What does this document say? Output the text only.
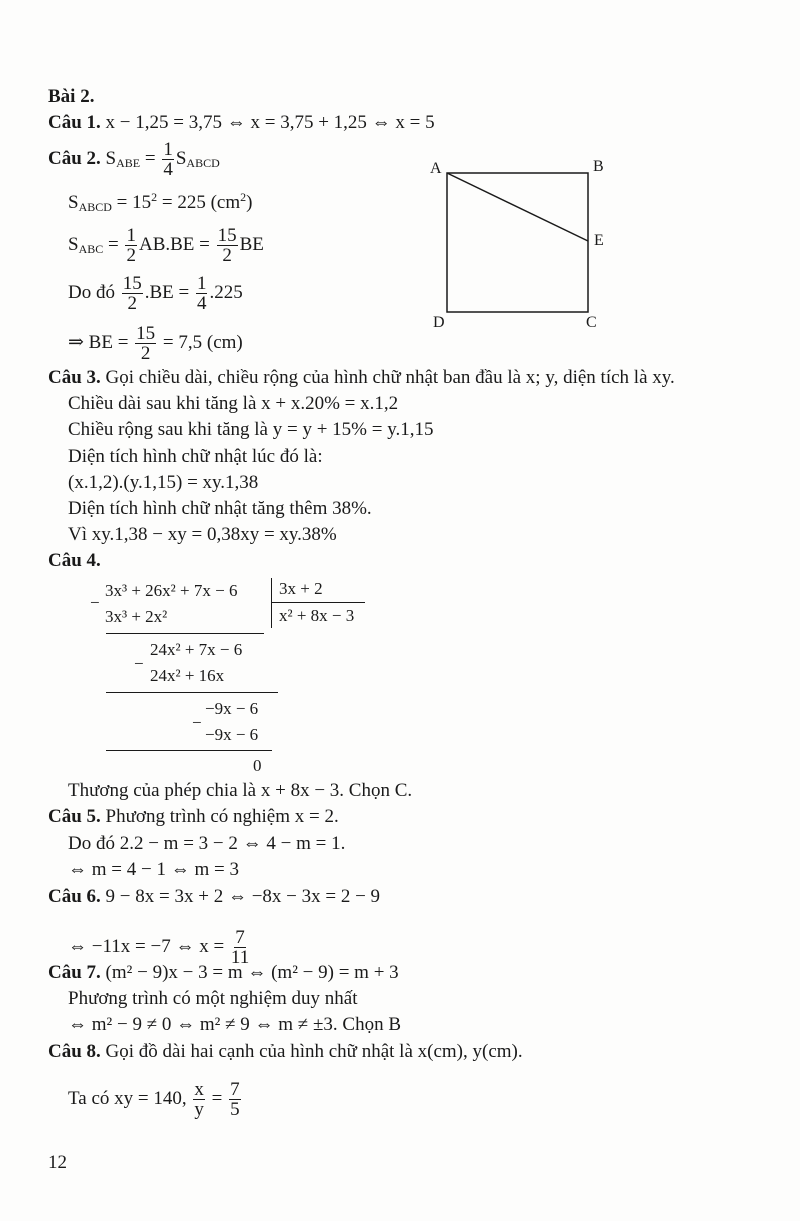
Bài 2.
Câu 1. x − 1,25 = 3,75 ⇔ x = 3,75 + 1,25 ⇔ x = 5
Câu 2. $S_{ABE} = \frac{1}{4} S_{ABCD}$
$S_{ABCD} = 15^2 = 225$ $(cm^2)$
$S_{ABC} = \frac{1}{2} AB.BE = \frac{15}{2}$ BE
Do đó $\frac{15}{2} .BE = \frac{1}{4} .225$
⇒ BE = $\frac{15}{2} = 7,5$ (cm)
A	B
E
D	C
Câu 3. Gọi chiều dài, chiều rộng của hình chữ nhật ban đầu là x; y, diện tích là xy.
Chiều dài sau khi tăng là x + x.20% = x.1,2
Chiều rộng sau khi tăng là y = y + 15% = y.1,15
Diện tích hình chữ nhật lúc đó là:
(x.1,2).(y.1,15) = xy.1,38
Diện tích hình chữ nhật tăng thêm 38%.
Vì xy.1,38 − xy = 0,38xy = xy.38%
Câu 4.
−
3x³ + 26x² + 7x − 6
3x³ + 2x²
3x + 2
x² + 8x − 3
−
24x² + 7x − 6
24x² + 16x
−
−9x − 6
−9x − 6
0
Thương của phép chia là x + 8x − 3. Chọn C.
Câu 5. Phương trình có nghiệm x = 2.
Do đó 2.2 − m = 3 − 2 ⇔ 4 − m = 1.
⇔ m = 4 − 1 ⇔ m = 3
Câu 6. 9 − 8x = 3x + 2 ⇔ −8x − 3x = 2 − 9
⇔ −11x = −7 ⇔ $x = \frac{7}{11}$
Câu 7. (m² − 9)x − 3 = m ⇔ (m² − 9) = m + 3
Phương trình có một nghiệm duy nhất
⇔ m² − 9 ≠ 0 ⇔ m² ≠ 9 ⇔ m ≠ ±3. Chọn B
Câu 8. Gọi đồ dài hai cạnh của hình chữ nhật là x(cm), y(cm).
Ta có xy = 140, $\frac{x}{y} = \frac{7}{5}$
12
